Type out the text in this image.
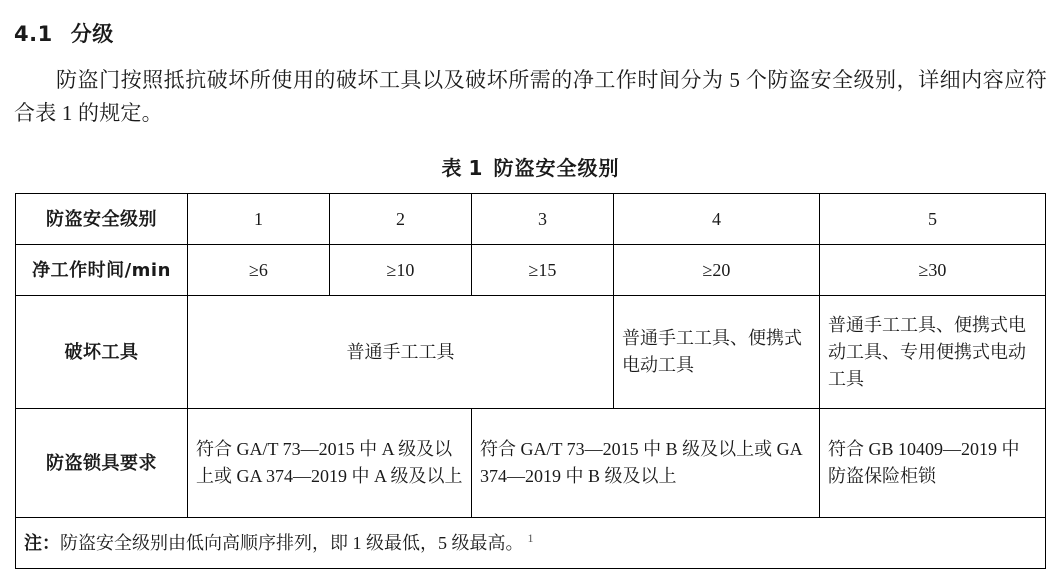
4.1 分级

防盗门按照抵抗破坏所使用的破坏工具以及破坏所需的净工作时间分为 5 个防盗安全级别，详细内容应符合表 1 的规定。

表 1 防盗安全级别
防盗安全级别	1	2	3	4	5
净工作时间/min	≥6	≥10	≥15	≥20	≥30
破坏工具	普通手工工具			普通手工工具、便携式电动工具	普通手工工具、便携式电动工具、专用便携式电动工具
防盗锁具要求	符合 GA/T 73—2015 中 A 级及以上或 GA 374—2019 中 A 级及以上		符合 GA/T 73—2015 中 B 级及以上或 GA 374—2019 中 B 级及以上		符合 GB 10409—2019 中防盗保险柜锁
注：防盗安全级别由低向高顺序排列，即 1 级最低，5 级最高。					1
